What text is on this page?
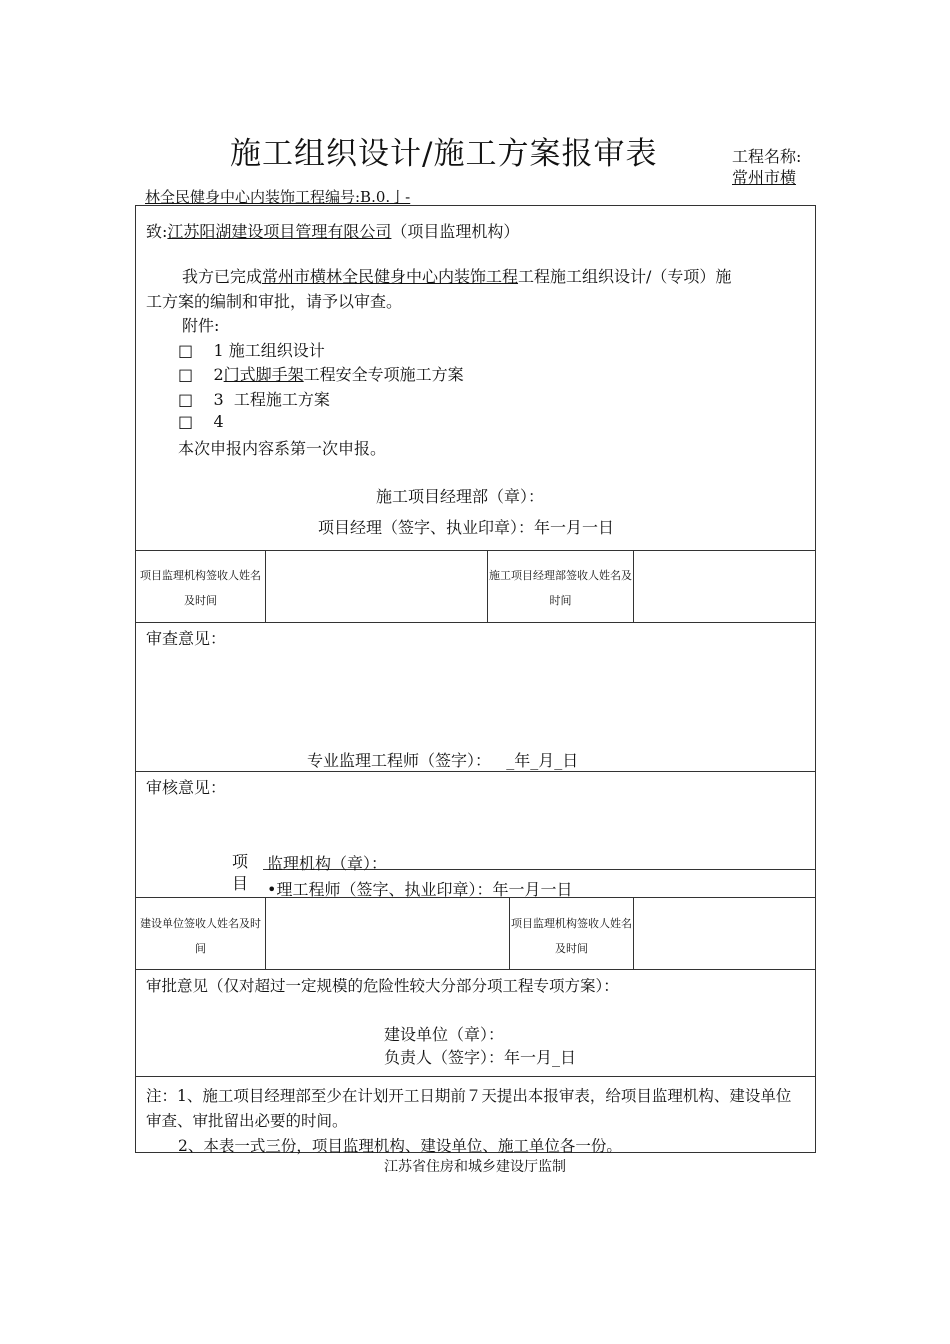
施工组织设计/施工方案报审表	工程名称:
常州市横
林全民健身中心内装饰工程编号:B.0.亅-
致:江苏阳湖建设项目管理有限公司（项目监理机构）
我方已完成常州市横林全民健身中心内装饰工程工程施工组织设计/（专项）施
工方案的编制和审批，请予以审查。
附件:
□ 1 施工组织设计
□ 2门式脚手架工程安全专项施工方案
□ 3 工程施工方案
□ 4
本次申报内容系第一次申报。
施工项目经理部（章）：
项目经理（签字、执业印章）：年一月一日
项目监理机构签收人姓名及时间
施工项目经理部签收人姓名及时间
审查意见：
专业监理工程师（签字）： _年_月_日
审核意见：
项
目
监理机构（章）：
•理工程师（签字、执业印章）：年一月一日
建设单位签收人姓名及时间
项目监理机构签收人姓名及时间
审批意见（仅对超过一定规模的危险性较大分部分项工程专项方案）：
建设单位（章）：
负责人（签字）：年一月_日
注：1、施工项目经理部至少在计划开工日期前７天提出本报审表，给项目监理机构、建设单位
审查、审批留出必要的时间。
2、本表一式三份，项目监理机构、建设单位、施工单位各一份。
江苏省住房和城乡建设厅监制
